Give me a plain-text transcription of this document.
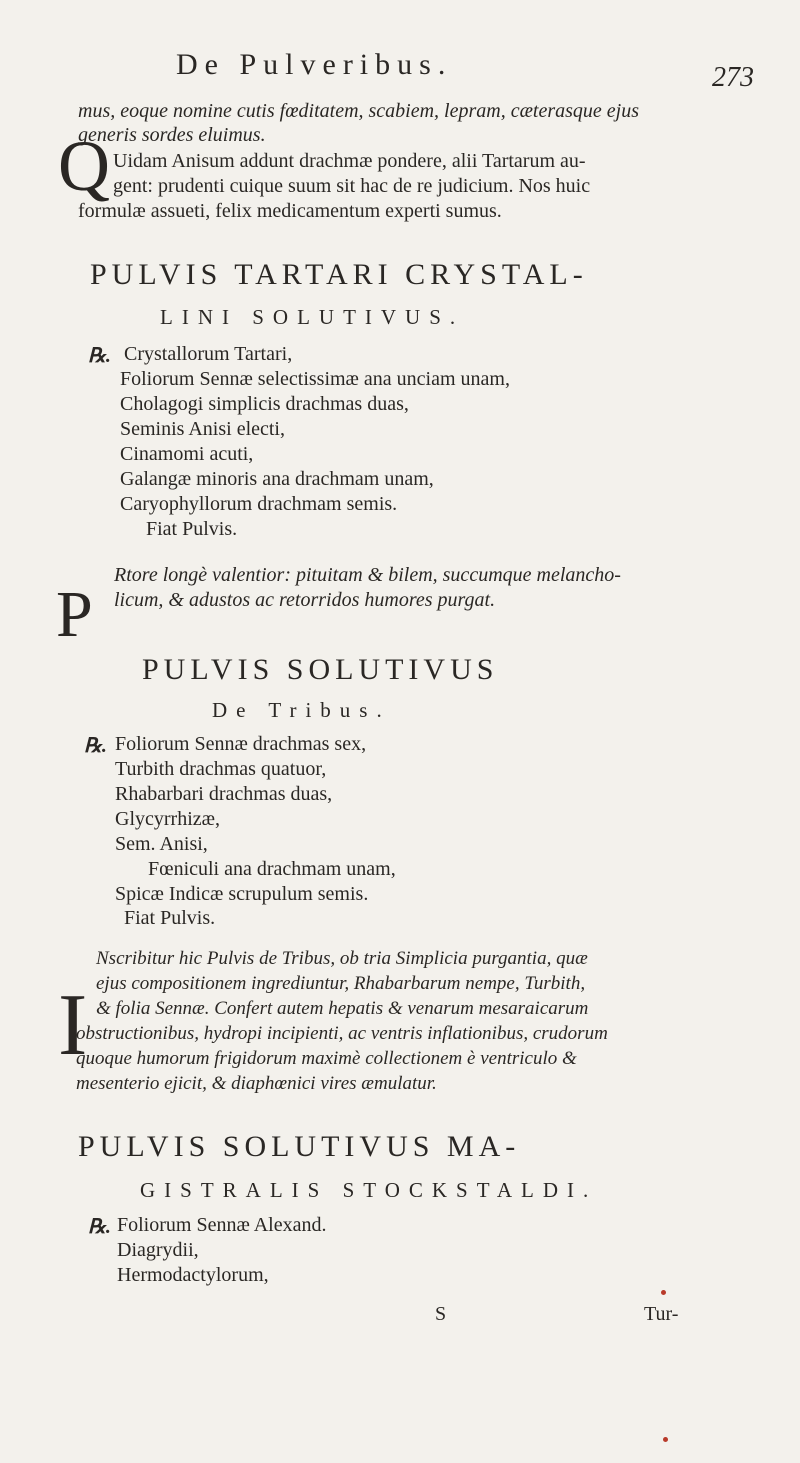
De Pulveribus.	273
mus, eoque nomine cutis fœditatem, scabiem, lepram, cæterasque ejus
generis sordes eluimus.
Q Uidam Anisum addunt drachmæ pondere, alii Tartarum au-
gent: prudenti cuique suum sit hac de re judicium. Nos huic
formulæ assueti, felix medicamentum experti sumus.
PULVIS TARTARI CRYSTAL-
LINI SOLUTIVUS.
℞. Crystallorum Tartari,
Foliorum Sennæ selectissimæ ana unciam unam,
Cholagogi simplicis drachmas duas,
Seminis Anisi electi,
Cinamomi acuti,
Galangæ minoris ana drachmam unam,
Caryophyllorum drachmam semis.
Fiat Pulvis.
P
Rtore longè valentior: pituitam & bilem, succumque melancho-
licum, & adustos ac retorridos humores purgat.
PULVIS SOLUTIVUS
De Tribus.
℞. Foliorum Sennæ drachmas sex,
Turbith drachmas quatuor,
Rhabarbari drachmas duas,
Glycyrrhizæ,
Sem. Anisi,
Fœniculi ana drachmam unam,
Spicæ Indicæ scrupulum semis.
Fiat Pulvis.
I
Nscribitur hic Pulvis de Tribus, ob tria Simplicia purgantia, quæ
ejus compositionem ingrediuntur, Rhabarbarum nempe, Turbith,
& folia Sennæ. Confert autem hepatis & venarum mesaraicarum
obstructionibus, hydropi incipienti, ac ventris inflationibus, crudorum
quoque humorum frigidorum maximè collectionem è ventriculo &
mesenterio ejicit, & diaphœnici vires æmulatur.
PULVIS SOLUTIVUS MA-
GISTRALIS STOCKSTALDI.
℞. Foliorum Sennæ Alexand.
Diagrydii,
Hermodactylorum,
S	Tur-
